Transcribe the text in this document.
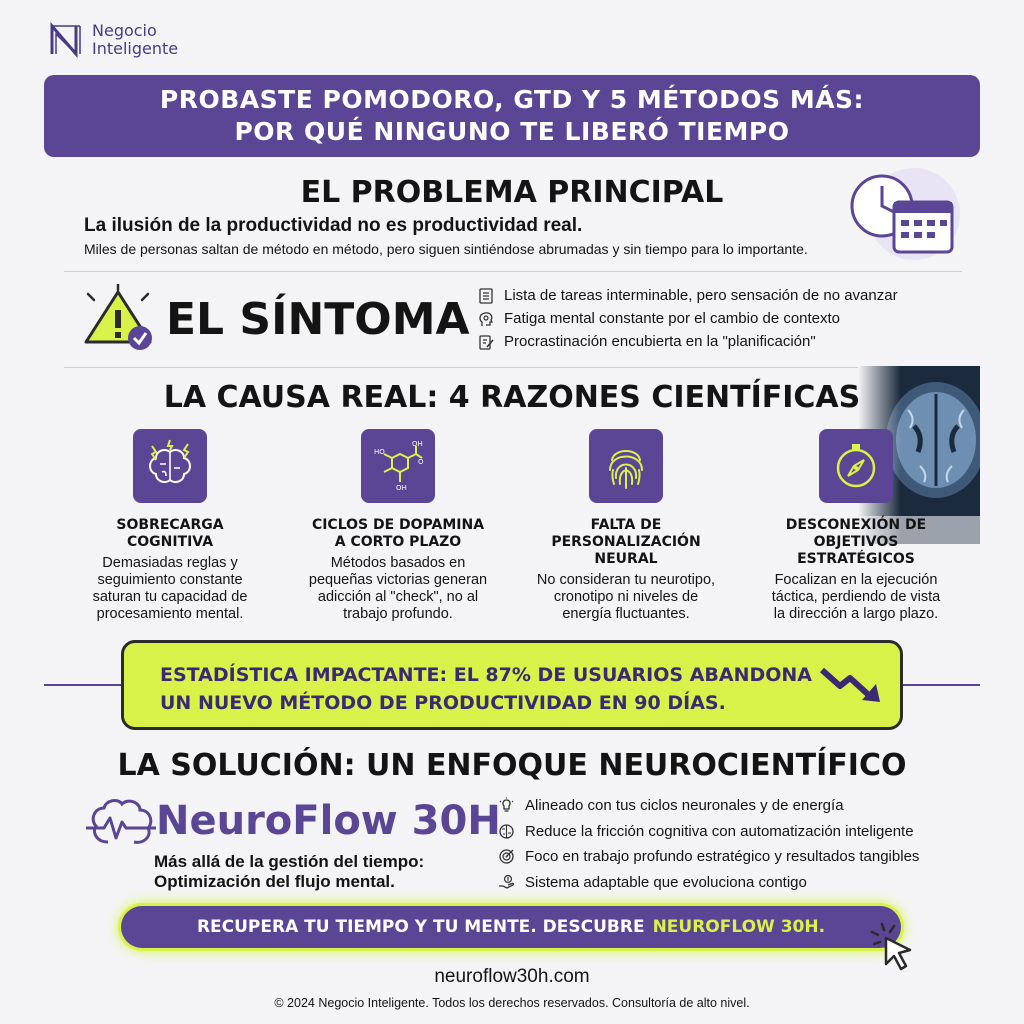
Negocio
Inteligente
PROBASTE POMODORO, GTD Y 5 MÉTODOS MÁS:
POR QUÉ NINGUNO TE LIBERÓ TIEMPO
EL PROBLEMA PRINCIPAL
La ilusión de la productividad no es productividad real.
Miles de personas saltan de método en método, pero siguen sintiéndose abrumadas y sin tiempo para lo importante.
EL SÍNTOMA Lista de tareas interminable, pero sensación de no avanzar
Fatiga mental constante por el cambio de contexto
Procrastinación encubierta en la "planificación"
LA CAUSA REAL: 4 RAZONES CIENTÍFICAS
SOBRECARGA
COGNITIVA
Demasiadas reglas y
seguimiento constante
saturan tu capacidad de
procesamiento mental.
OH
O
OH
HO
CICLOS DE DOPAMINA
A CORTO PLAZO
Métodos basados en
pequeñas victorias generan
adicción al "check", no al
trabajo profundo.
FALTA DE
PERSONALIZACIÓN
NEURAL
No consideran tu neurotipo,
cronotipo ni niveles de
energía fluctuantes.
DESCONEXIÓN DE
OBJETIVOS
ESTRATÉGICOS
Focalizan en la ejecución
táctica, perdiendo de vista
la dirección a largo plazo.
ESTADÍSTICA IMPACTANTE: EL 87% DE USUARIOS ABANDONA
UN NUEVO MÉTODO DE PRODUCTIVIDAD EN 90 DÍAS.
LA SOLUCIÓN: UN ENFOQUE NEUROCIENTÍFICO
NeuroFlow 30H
Más allá de la gestión del tiempo:
Optimización del flujo mental.
Alineado con tus ciclos neuronales y de energía
Reduce la fricción cognitiva con automatización inteligente
Foco en trabajo profundo estratégico y resultados tangibles
Sistema adaptable que evoluciona contigo
RECUPERA TU TIEMPO Y TU MENTE. DESCUBRE NEUROFLOW 30H.
neuroflow30h.com
© 2024 Negocio Inteligente. Todos los derechos reservados. Consultoría de alto nivel.
